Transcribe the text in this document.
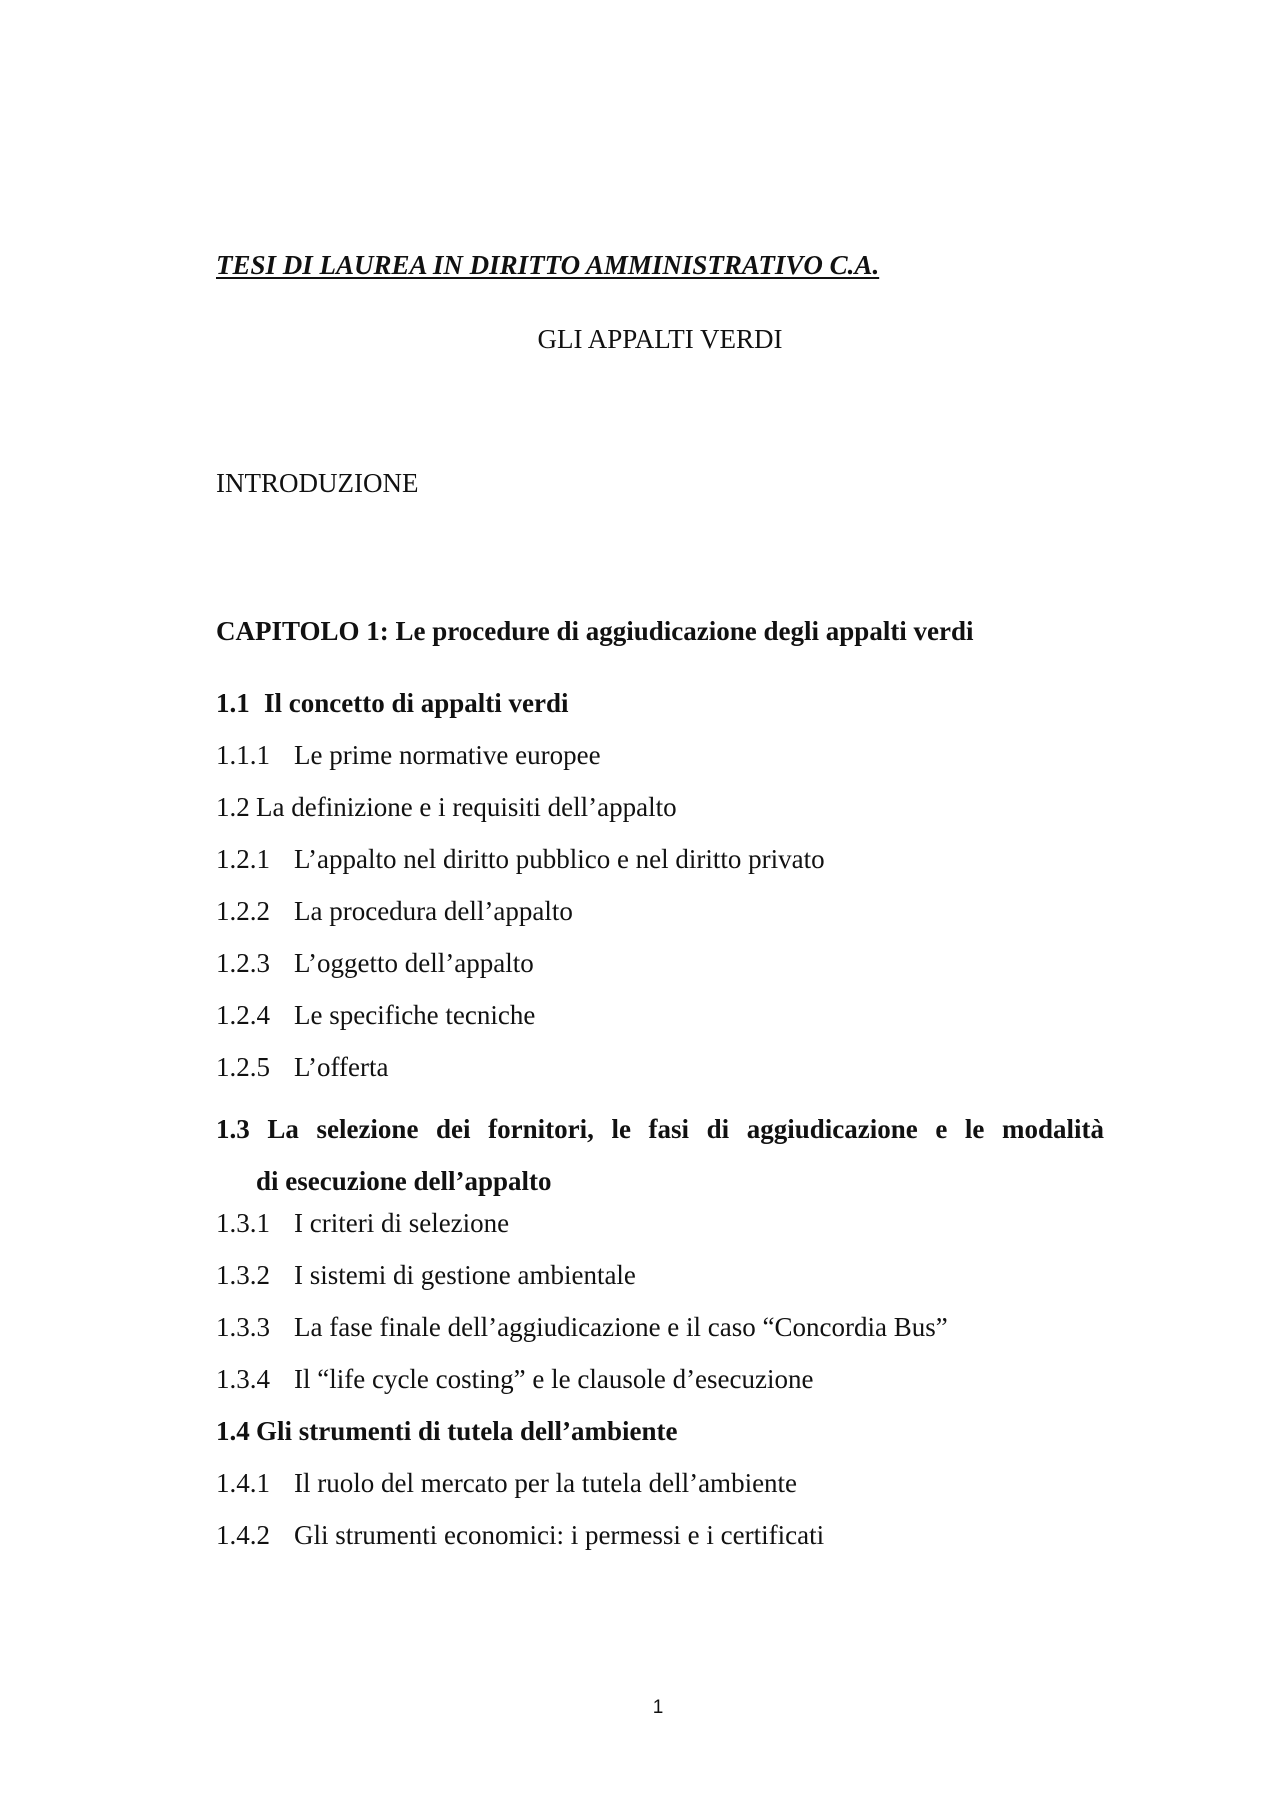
TESI DI LAUREA IN DIRITTO AMMINISTRATIVO C.A.
GLI APPALTI VERDI
INTRODUZIONE
CAPITOLO 1: Le procedure di aggiudicazione degli appalti verdi
1.1 Il concetto di appalti verdi
1.1.1 Le prime normative europee
1.2 La definizione e i requisiti dell’appalto
1.2.1 L’appalto nel diritto pubblico e nel diritto privato
1.2.2 La procedura dell’appalto
1.2.3 L’oggetto dell’appalto
1.2.4 Le specifiche tecniche
1.2.5 L’offerta
1.3 La selezione dei fornitori, le fasi di aggiudicazione e le modalità
di esecuzione dell’appalto
1.3.1 I criteri di selezione
1.3.2 I sistemi di gestione ambientale
1.3.3 La fase finale dell’aggiudicazione e il caso “Concordia Bus”
1.3.4 Il “life cycle costing” e le clausole d’esecuzione
1.4 Gli strumenti di tutela dell’ambiente
1.4.1 Il ruolo del mercato per la tutela dell’ambiente
1.4.2 Gli strumenti economici: i permessi e i certificati
1
